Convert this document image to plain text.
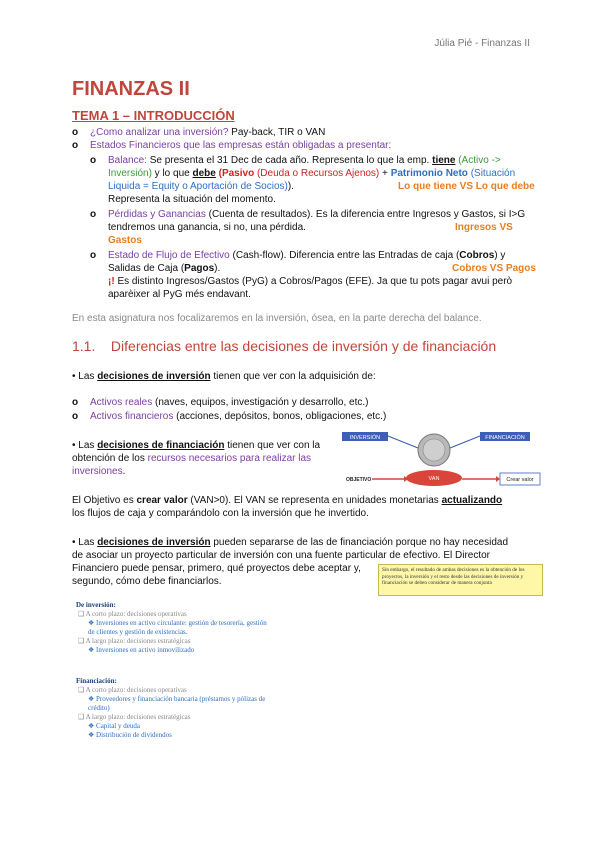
Júlia Pié - Finanzas II
FINANZAS II
TEMA 1 – INTRODUCCIÓN
o ¿Como analizar una inversión? Pay-back, TIR o VAN
o Estados Financieros que las empresas están obligadas a presentar:
o Balance: Se presenta el 31 Dec de cada año. Representa lo que la emp. tiene (Activo ->
Inversión) y lo que debe (Pasivo (Deuda o Recursos Ajenos) + Patrimonio Neto (Situación
Liquida = Equity o Aportación de Socios)).	Lo que tiene VS Lo que debe
Representa la situación del momento.
o Pérdidas y Ganancias (Cuenta de resultados). Es la diferencia entre Ingresos y Gastos, si I>G
tendremos una ganancia, si no, una pérdida.	Ingresos VS
Gastos
o Estado de Flujo de Efectivo (Cash-flow). Diferencia entre las Entradas de caja (Cobros) y
Salidas de Caja (Pagos).	Cobros VS Pagos
¡! Es distinto Ingresos/Gastos (PyG) a Cobros/Pagos (EFE). Ja que tu pots pagar avui però
aparèixer al PyG més endavant.
En esta asignatura nos focalizaremos en la inversión, ósea, en la parte derecha del balance.
1.1. Diferencias entre las decisiones de inversión y de financiación
• Las decisiones de inversión tienen que ver con la adquisición de:
o Activos reales (naves, equipos, investigación y desarrollo, etc.)
o Activos financieros (acciones, depósitos, bonos, obligaciones, etc.)
• Las decisiones de financiación tienen que ver con la
obtención de los recursos necesarios para realizar las
inversiones.
INVERSIÓN	FINANCIACIÓN
VAN
OBJETIVO	Crear valor
El Objetivo es crear valor (VAN>0). El VAN se representa en unidades monetarias actualizando
los flujos de caja y comparándolo con la inversión que he invertido.
• Las decisiones de inversión pueden separarse de las de financiación porque no hay necesidad
de asociar un proyecto particular de inversión con una fuente particular de efectivo. El Director
Financiero puede pensar, primero, qué proyectos debe aceptar y,
segundo, cómo debe financiarlos.
Sin embargo, el resultado de ambas decisiones es la obtención de los proyectos, la inversión y el resto desde las decisiones de inversión y financiación se deben considerar de manera conjunta
De inversión:
❑ A corto plazo: decisiones operativas
❖ Inversiones en activo circulante: gestión de tesorería, gestión de clientes y gestión de existencias.
❑ A largo plazo: decisiones estratégicas
❖ Inversiones en activo inmovilizado
Financiación:
❑ A corto plazo: decisiones operativas
❖ Proveedores y financiación bancaria (préstamos y pólizas de crédito)
❑ A largo plazo: decisiones estratégicas
❖ Capital y deuda
❖ Distribución de dividendos
